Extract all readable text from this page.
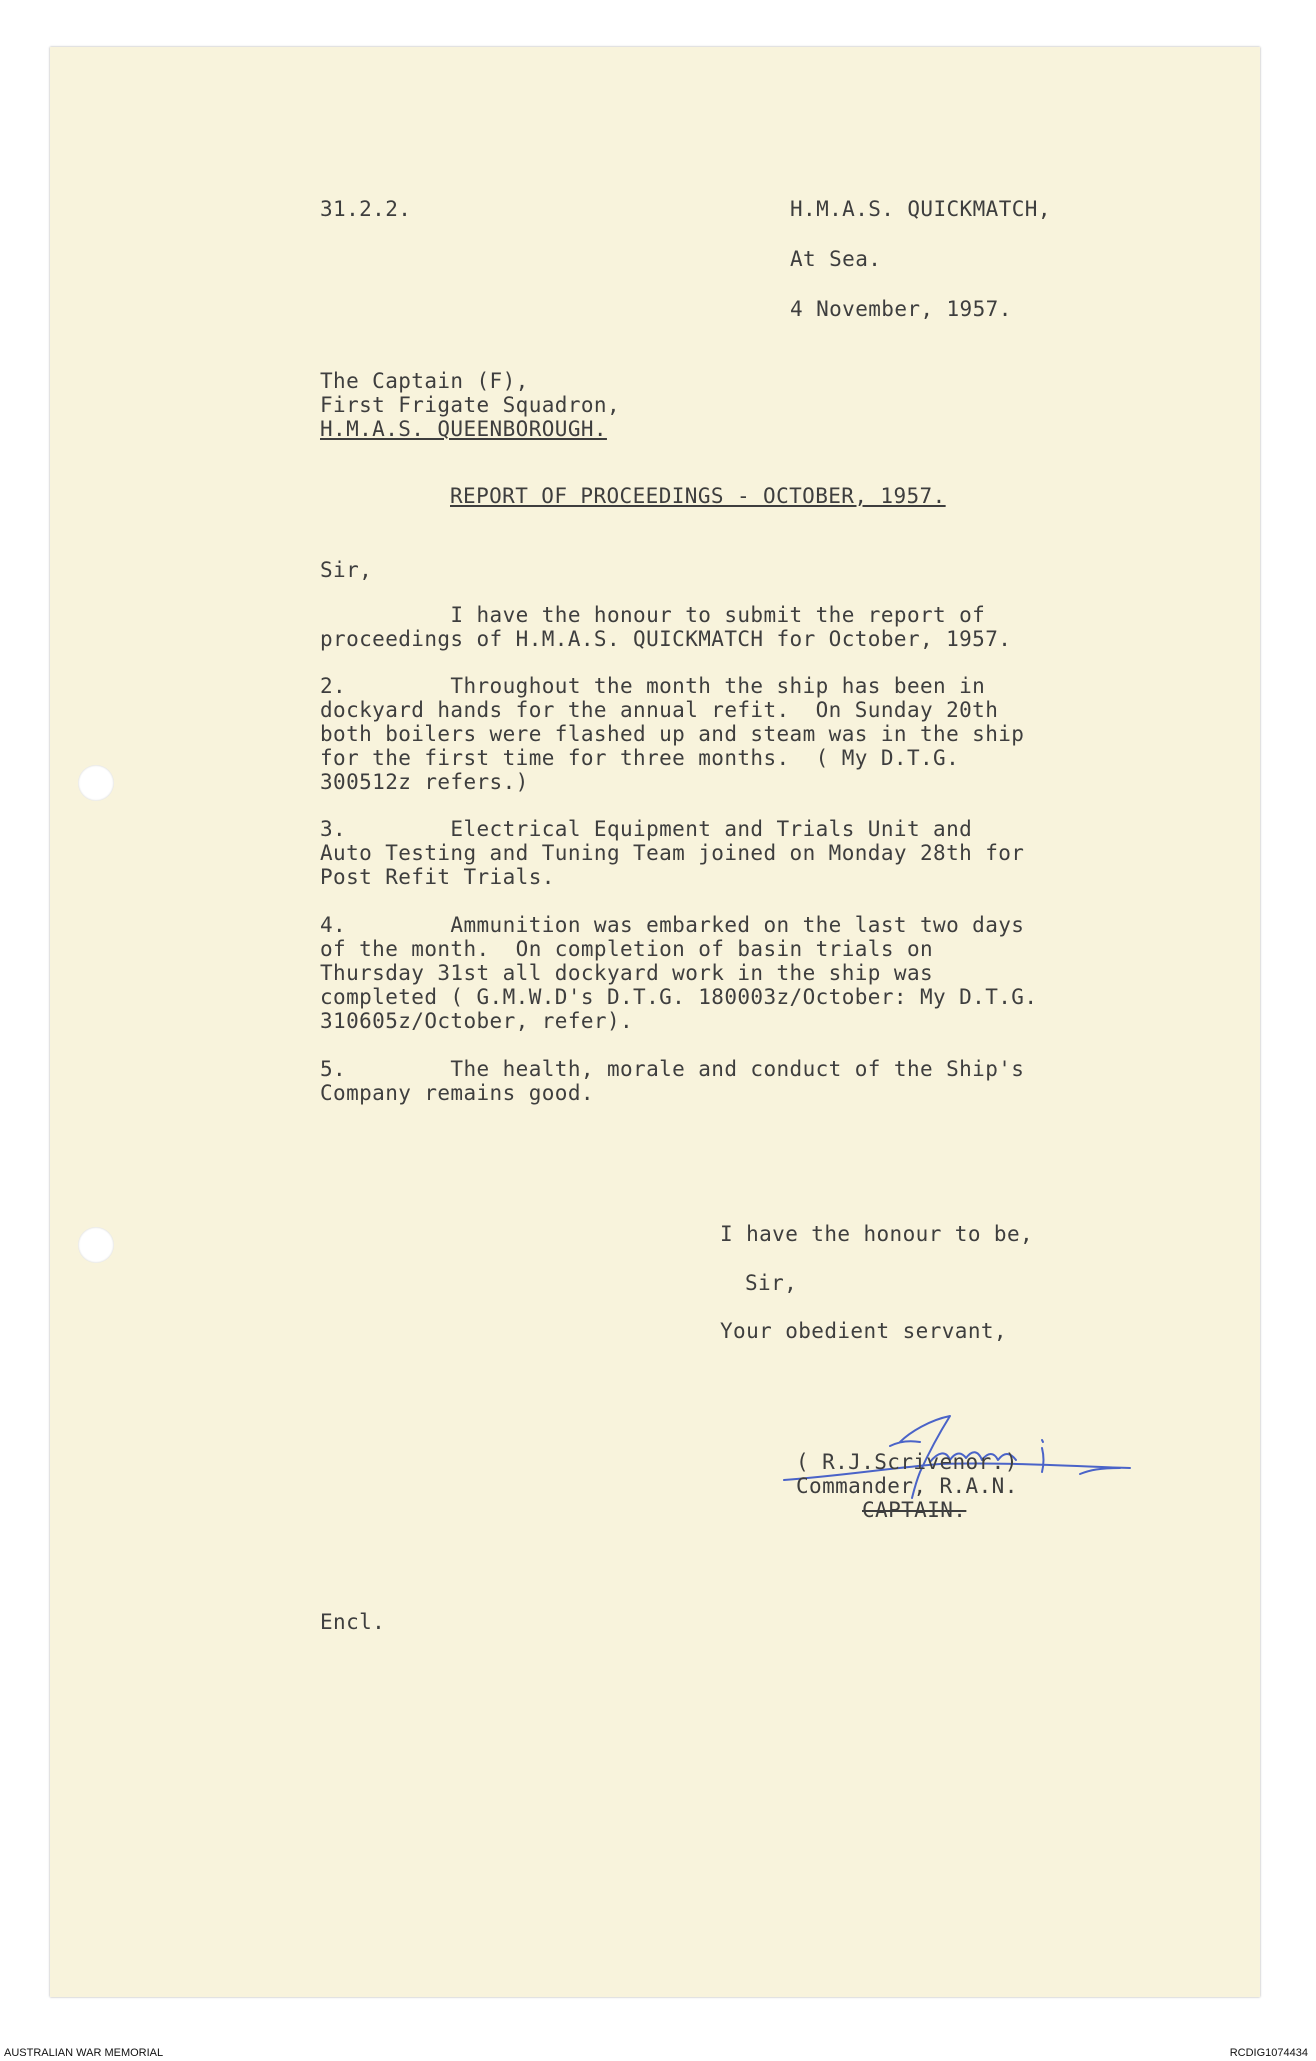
31.2.2.	H.M.A.S. QUICKMATCH,
At Sea.
4 November, 1957.
The Captain (F),
First Frigate Squadron,
H.M.A.S. QUEENBOROUGH.
REPORT OF PROCEEDINGS - OCTOBER, 1957.
Sir,
I have the honour to submit the report of
proceedings of H.M.A.S. QUICKMATCH for October, 1957.
2.        Throughout the month the ship has been in
dockyard hands for the annual refit.  On Sunday 20th
both boilers were flashed up and steam was in the ship
for the first time for three months.  ( My D.T.G.
300512z refers.)
3.        Electrical Equipment and Trials Unit and
Auto Testing and Tuning Team joined on Monday 28th for
Post Refit Trials.
4.        Ammunition was embarked on the last two days
of the month.  On completion of basin trials on
Thursday 31st all dockyard work in the ship was
completed ( G.M.W.D's D.T.G. 180003z/October: My D.T.G.
310605z/October, refer).
5.        The health, morale and conduct of the Ship's
Company remains good.
I have the honour to be,
Sir,
Your obedient servant,
( R.J.Scrivenor.)
Commander, R.A.N.
CAPTAIN.
Encl.
AUSTRALIAN WAR MEMORIAL	RCDIG1074434
